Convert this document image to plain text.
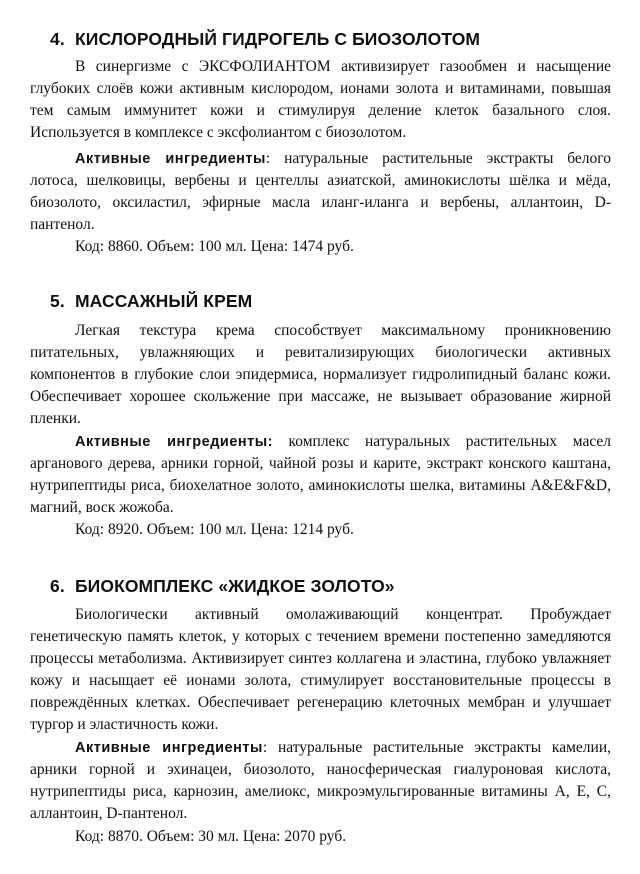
4. КИСЛОРОДНЫЙ ГИДРОГЕЛЬ С БИОЗОЛОТОМ

В синергизме с ЭКСФОЛИАНТОМ активизирует газообмен и насыщение глубоких слоёв кожи активным кислородом, ионами золота и витаминами, повышая тем самым иммунитет кожи и стимулируя деление клеток базального слоя. Используется в комплексе с эксфолиантом с биозолотом.

Активные ингредиенты: натуральные растительные экстракты белого лотоса, шелковицы, вербены и центеллы азиатской, аминокислоты шёлка и мёда, биозолото, оксиластил, эфирные масла иланг-иланга и вербены, аллантоин, D-пантенол.

Код: 8860. Объем: 100 мл. Цена: 1474 руб.

5. МАССАЖНЫЙ КРЕМ

Легкая текстура крема способствует максимальному проникновению питательных, увлажняющих и ревитализирующих биологически активных компонентов в глубокие слои эпидермиса, нормализует гидролипидный баланс кожи. Обеспечивает хорошее скольжение при массаже, не вызывает образование жирной пленки.

Активные ингредиенты: комплекс натуральных растительных масел арганового дерева, арники горной, чайной розы и карите, экстракт конского каштана, нутрипептиды риса, биохелатное золото, аминокислоты шелка, витамины A&E&F&D, магний, воск жожоба.

Код: 8920. Объем: 100 мл. Цена: 1214 руб.

6. БИОКОМПЛЕКС «ЖИДКОЕ ЗОЛОТО»

Биологически активный омолаживающий концентрат. Пробуждает генетическую память клеток, у которых с течением времени постепенно замедляются процессы метаболизма. Активизирует синтез коллагена и эластина, глубоко увлажняет кожу и насыщает её ионами золота, стимулирует восстановительные процессы в повреждённых клетках. Обеспечивает регенерацию клеточных мембран и улучшает тургор и эластичность кожи.

Активные ингредиенты: натуральные растительные экстракты камелии, арники горной и эхинацеи, биозолото, наносферическая гиалуроновая кислота, нутрипептиды риса, карнозин, амелиокс, микроэмульгированные витамины А, Е, С, аллантоин, D-пантенол.

Код: 8870. Объем: 30 мл. Цена: 2070 руб.
